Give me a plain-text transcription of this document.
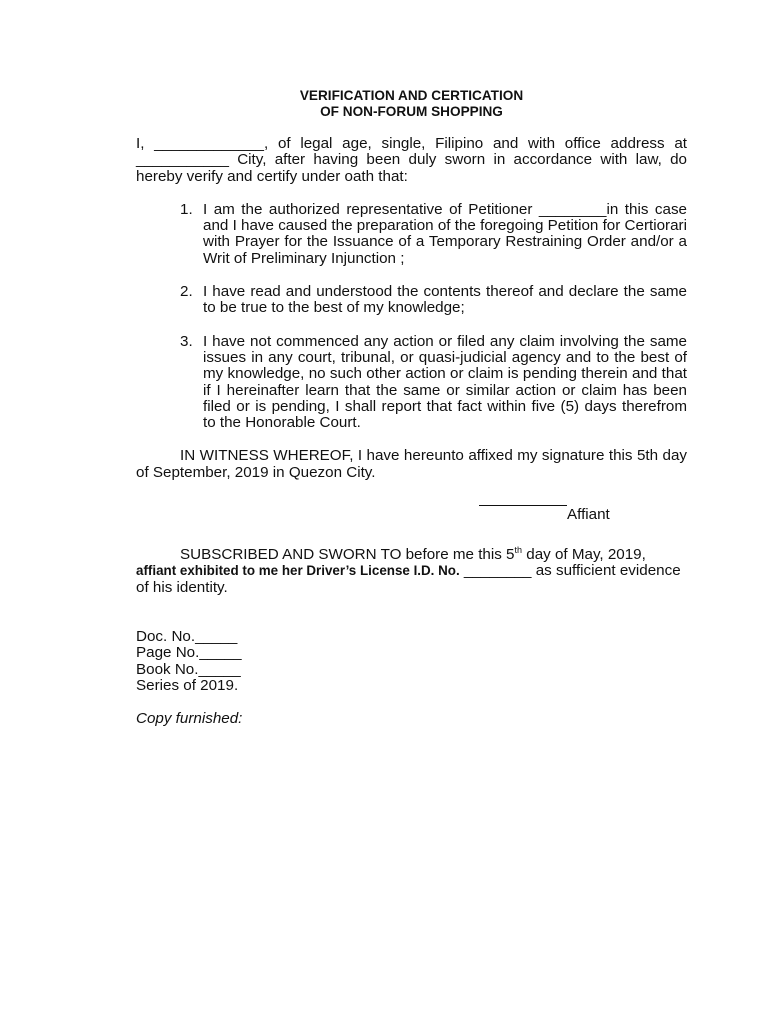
VERIFICATION AND CERTICATION

OF NON-FORUM SHOPPING

I, _____________, of legal age, single, Filipino and with office address at ___________ City, after having been duly sworn in accordance with law, do hereby verify and certify under oath that:

1. I am the authorized representative of Petitioner ________in this case and I have caused the preparation of the foregoing Petition for Certiorari with Prayer for the Issuance of a Temporary Restraining Order and/or a Writ of Preliminary Injunction ;
2. I have read and understood the contents thereof and declare the same to be true to the best of my knowledge;
3. I have not commenced any action or filed any claim involving the same issues in any court, tribunal, or quasi-judicial agency and to the best of my knowledge, no such other action or claim is pending therein and that if I hereinafter learn that the same or similar action or claim has been filed or is pending, I shall report that fact within five (5) days therefrom to the Honorable Court.

IN WITNESS WHEREOF, I have hereunto affixed my signature this 5th day of September, 2019 in Quezon City.

Affiant

SUBSCRIBED AND SWORN TO before me this 5th day of May, 2019, affiant exhibited to me her Driver’s License I.D. No. ________ as sufficient evidence of his identity.

Doc. No._____

Page No._____

Book No._____

Series of 2019.

Copy furnished:
